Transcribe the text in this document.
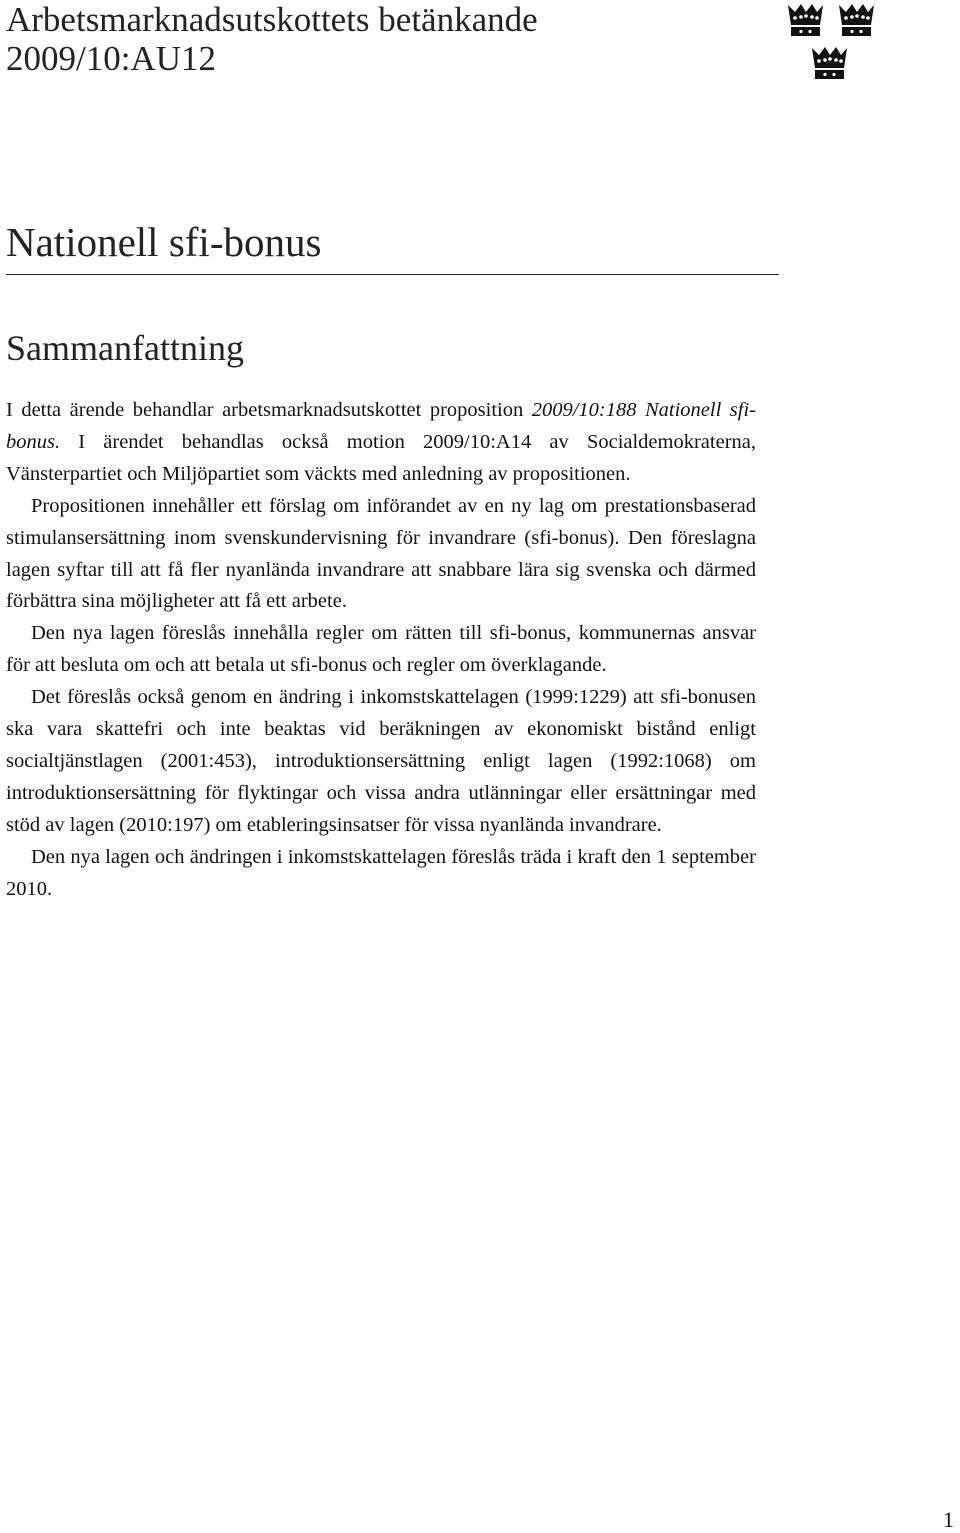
Arbetsmarknadsutskottets betänkande
2009/10:AU12
Nationell sfi-bonus
Sammanfattning

I detta ärende behandlar arbetsmarknadsutskottet proposition 2009/10:188 Nationell sfi-bonus. I ärendet behandlas också motion 2009/10:A14 av Socialdemokraterna, Vänsterpartiet och Miljöpartiet som väckts med anledning av propositionen.

Propositionen innehåller ett förslag om införandet av en ny lag om prestationsbaserad stimulansersättning inom svenskundervisning för invandrare (sfi-bonus). Den föreslagna lagen syftar till att få fler nyanlända invandrare att snabbare lära sig svenska och därmed förbättra sina möjligheter att få ett arbete.

Den nya lagen föreslås innehålla regler om rätten till sfi-bonus, kommunernas ansvar för att besluta om och att betala ut sfi-bonus och regler om överklagande.

Det föreslås också genom en ändring i inkomstskattelagen (1999:1229) att sfi-bonusen ska vara skattefri och inte beaktas vid beräkningen av ekonomiskt bistånd enligt socialtjänstlagen (2001:453), introduktionsersättning enligt lagen (1992:1068) om introduktionsersättning för flyktingar och vissa andra utlänningar eller ersättningar med stöd av lagen (2010:197) om etableringsinsatser för vissa nyanlända invandrare.

Den nya lagen och ändringen i inkomstskattelagen föreslås träda i kraft den 1 september 2010.

1
